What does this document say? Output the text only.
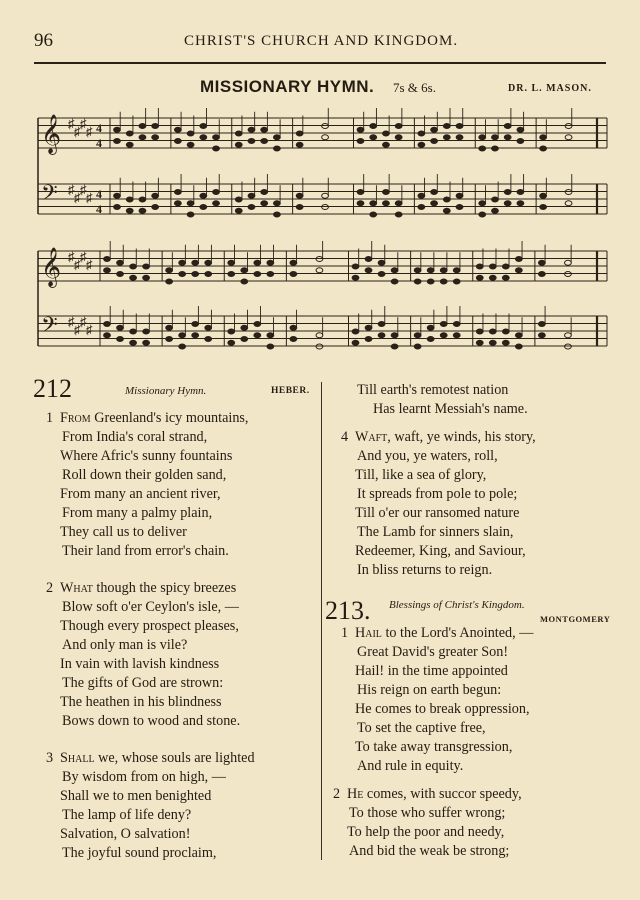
96	CHRIST'S CHURCH AND KINGDOM.
MISSIONARY HYMN. 7s & 6s.	DR. L. MASON.
𝄞 ♯
♯
♯
♯ 4
4
𝄢 ♯
♯
♯
♯ 4
4
𝄞 ♯
♯
♯
♯
𝄢 ♯
♯
♯
♯
212	Missionary Hymn.	HEBER.
1 From Greenland's icy mountains,
From India's coral strand,
Where Afric's sunny fountains
Roll down their golden sand,
From many an ancient river,
From many a palmy plain,
They call us to deliver
Their land from error's chain.
2 What though the spicy breezes
Blow soft o'er Ceylon's isle, —
Though every prospect pleases,
And only man is vile?
In vain with lavish kindness
The gifts of God are strown:
The heathen in his blindness
Bows down to wood and stone.
3 Shall we, whose souls are lighted
By wisdom from on high, —
Shall we to men benighted
The lamp of life deny?
Salvation, O salvation!
The joyful sound proclaim,
Till earth's remotest nation
Has learnt Messiah's name.
4 Waft, waft, ye winds, his story,
And you, ye waters, roll,
Till, like a sea of glory,
It spreads from pole to pole;
Till o'er our ransomed nature
The Lamb for sinners slain,
Redeemer, King, and Saviour,
In bliss returns to reign.
213. Blessings of Christ's Kingdom.
MONTGOMERY
1 Hail to the Lord's Anointed, —
Great David's greater Son!
Hail! in the time appointed
His reign on earth begun:
He comes to break oppression,
To set the captive free,
To take away transgression,
And rule in equity.
2 He comes, with succor speedy,
To those who suffer wrong;
To help the poor and needy,
And bid the weak be strong;
